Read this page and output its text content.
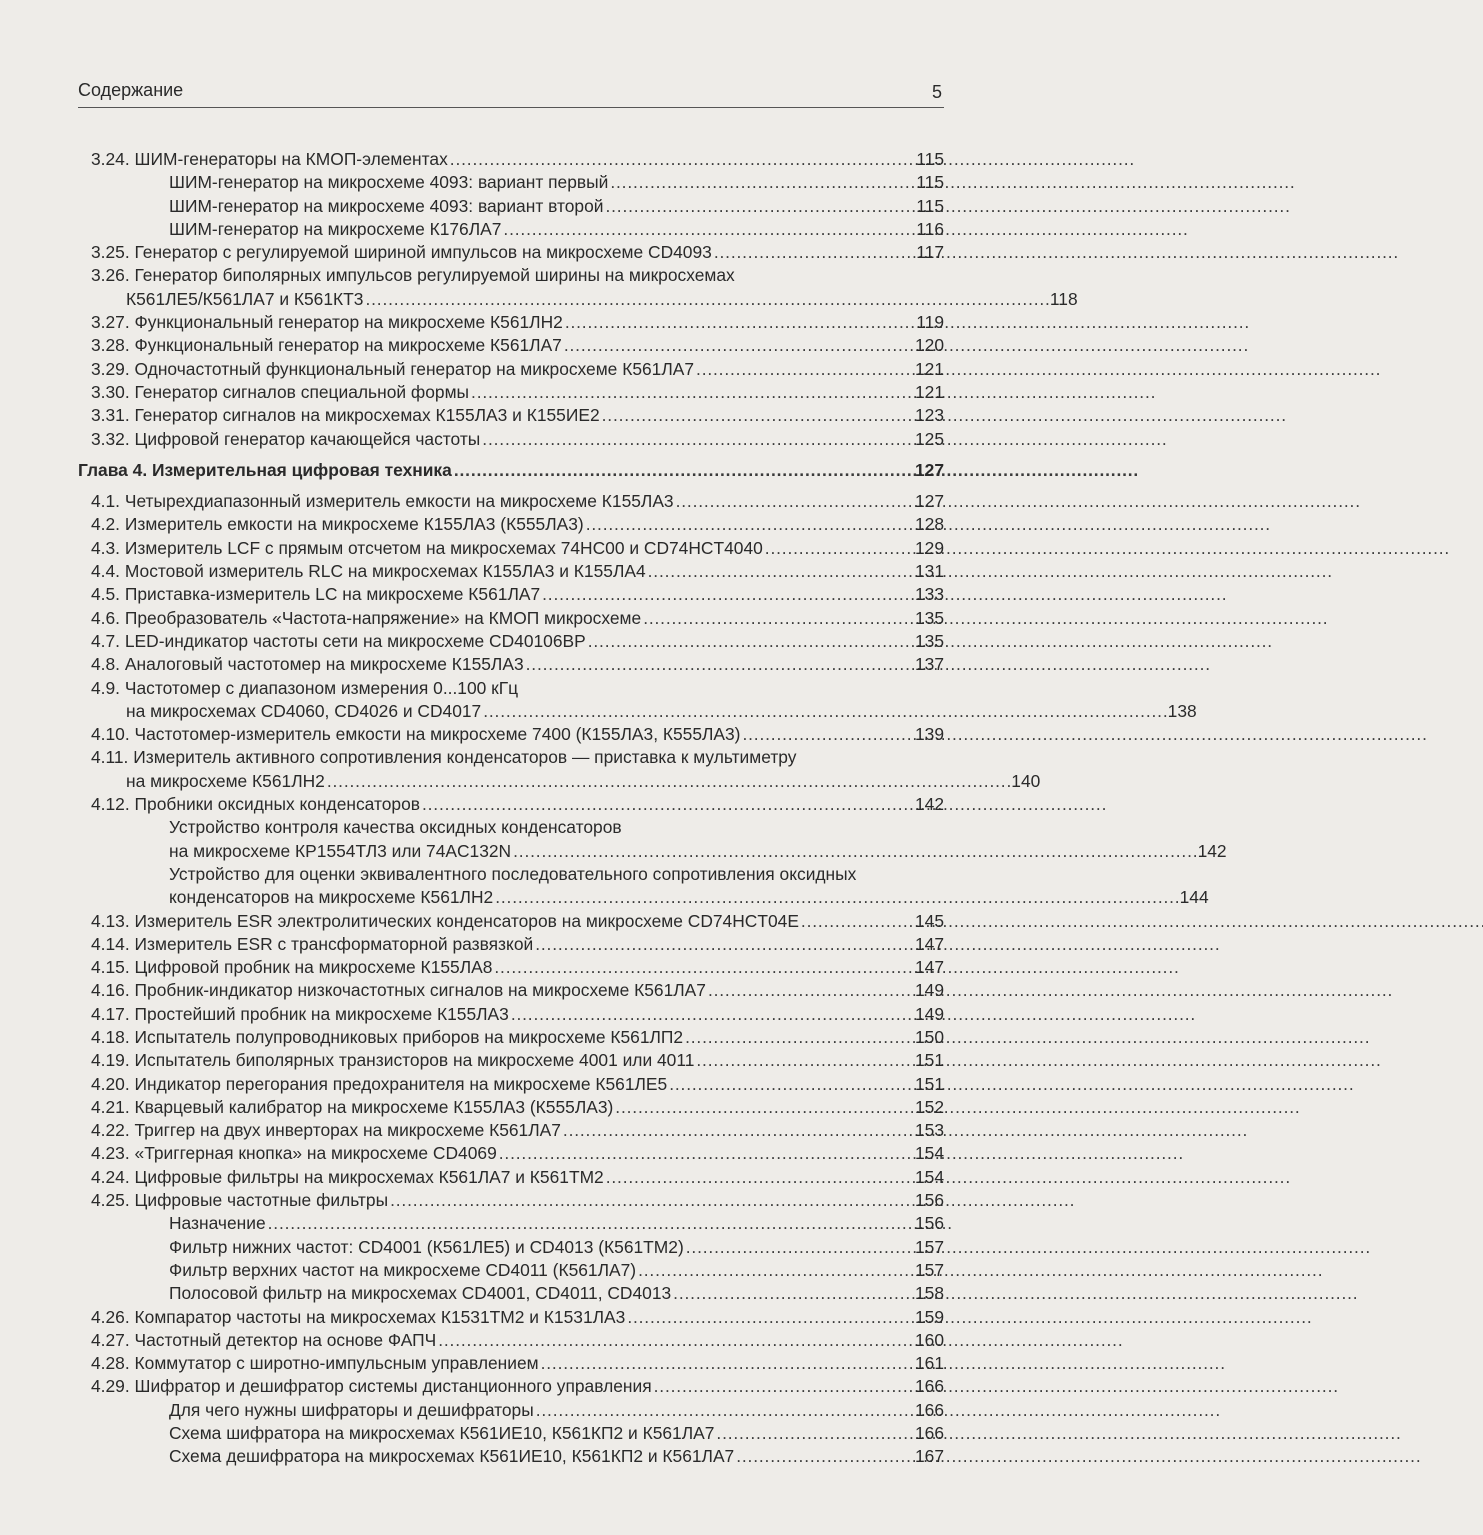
Содержание	5
3.24. ШИМ-генераторы на КМОП-элементах . . .	115
ШИМ-генератор на микросхеме 4093: вариант первый . . .	115
ШИМ-генератор на микросхеме 4093: вариант второй . . .	115
ШИМ-генератор на микросхеме К176ЛА7 . . .	116
3.25. Генератор с регулируемой шириной импульсов на микросхеме CD4093 . . .	117
3.26. Генератор биполярных импульсов регулируемой ширины на микросхемах
К561ЛЕ5/К561ЛА7 и К561КТ3 . . .	118
3.27. Функциональный генератор на микросхеме К561ЛН2 . . .	119
3.28. Функциональный генератор на микросхеме К561ЛА7 . . .	120
3.29. Одночастотный функциональный генератор на микросхеме К561ЛА7 . . .	121
3.30. Генератор сигналов специальной формы . . .	121
3.31. Генератор сигналов на микросхемах К155ЛА3 и К155ИЕ2 . . .	123
3.32. Цифровой генератор качающейся частоты . . .	125
Глава 4. Измерительная цифровая техника . . .	127
4.1. Четырехдиапазонный измеритель емкости на микросхеме К155ЛА3 . . .	127
4.2. Измеритель емкости на микросхеме К155ЛА3 (К555ЛА3) . . .	128
4.3. Измеритель LCF с прямым отсчетом на микросхемах 74HC00 и CD74HCT4040 . . .	129
4.4. Мостовой измеритель RLC на микросхемах К155ЛА3 и К155ЛА4 . . .	131
4.5. Приставка-измеритель LC на микросхеме К561ЛА7 . . .	133
4.6. Преобразователь «Частота-напряжение» на КМОП микросхеме . . .	135
4.7. LED-индикатор частоты сети на микросхеме CD40106BP . . .	135
4.8. Аналоговый частотомер на микросхеме К155ЛА3 . . .	137
4.9. Частотомер с диапазоном измерения 0...100 кГц
на микросхемах CD4060, CD4026 и CD4017 . . .	138
4.10. Частотомер-измеритель емкости на микросхеме 7400 (К155ЛА3, К555ЛА3) . . .	139
4.11. Измеритель активного сопротивления конденсаторов — приставка к мультиметру
на микросхеме К561ЛН2 . . .	140
4.12. Пробники оксидных конденсаторов . . .	142
Устройство контроля качества оксидных конденсаторов
на микросхеме КР1554ТЛ3 или 74AC132N . . .	142
Устройство для оценки эквивалентного последовательного сопротивления оксидных
конденсаторов на микросхеме К561ЛН2 . . .	144
4.13. Измеритель ESR электролитических конденсаторов на микросхеме CD74HCT04E . . .	145
4.14. Измеритель ESR с трансформаторной развязкой . . .	147
4.15. Цифровой пробник на микросхеме К155ЛА8 . . .	147
4.16. Пробник-индикатор низкочастотных сигналов на микросхеме К561ЛА7 . . .	149
4.17. Простейший пробник на микросхеме К155ЛА3 . . .	149
4.18. Испытатель полупроводниковых приборов на микросхеме К561ЛП2 . . .	150
4.19. Испытатель биполярных транзисторов на микросхеме 4001 или 4011 . . .	151
4.20. Индикатор перегорания предохранителя на микросхеме К561ЛЕ5 . . .	151
4.21. Кварцевый калибратор на микросхеме К155ЛА3 (К555ЛА3) . . .	152
4.22. Триггер на двух инверторах на микросхеме К561ЛА7 . . .	153
4.23. «Триггерная кнопка» на микросхеме CD4069 . . .	154
4.24. Цифровые фильтры на микросхемах К561ЛА7 и К561ТМ2 . . .	154
4.25. Цифровые частотные фильтры . . .	156
Назначение . . .	156
Фильтр нижних частот: CD4001 (К561ЛЕ5) и CD4013 (К561ТМ2) . . .	157
Фильтр верхних частот на микросхеме CD4011 (К561ЛА7) . . .	157
Полосовой фильтр на микросхемах CD4001, CD4011, CD4013 . . .	158
4.26. Компаратор частоты на микросхемах К1531ТМ2 и К1531ЛА3 . . .	159
4.27. Частотный детектор на основе ФАПЧ . . .	160
4.28. Коммутатор с широтно-импульсным управлением . . .	161
4.29. Шифратор и дешифратор системы дистанционного управления . . .	166
Для чего нужны шифраторы и дешифраторы . . .	166
Схема шифратора на микросхемах К561ИЕ10, К561КП2 и К561ЛА7 . . .	166
Схема дешифратора на микросхемах К561ИЕ10, К561КП2 и К561ЛА7 . . .	167
